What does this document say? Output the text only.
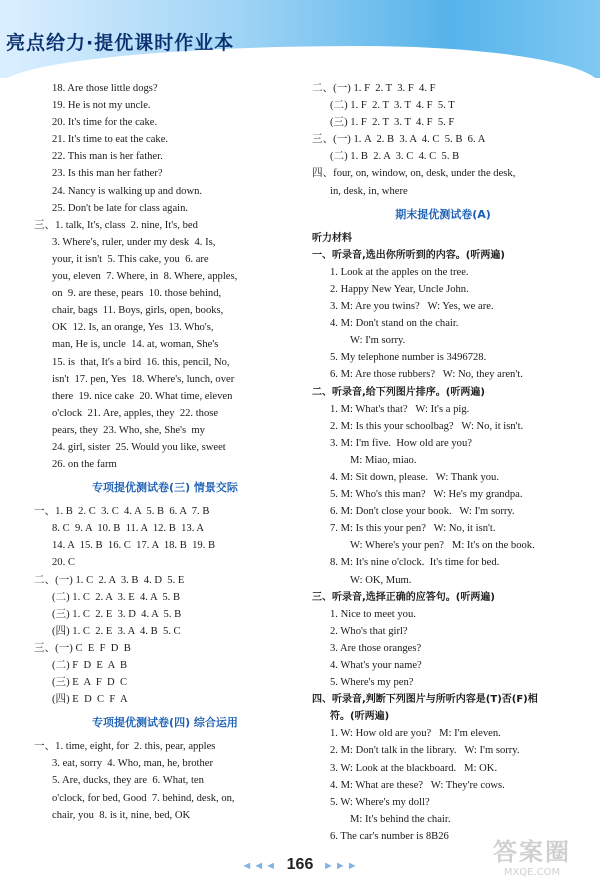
亮点给力·提优课时作业本
18. Are those little dogs?
19. He is not my uncle.
20. It's time for the cake.
21. It's time to eat the cake.
22. This man is her father.
23. Is this man her father?
24. Nancy is walking up and down.
25. Don't be late for class again.
三、1. talk, It's, class  2. nine, It's, bed
3. Where's, ruler, under my desk  4. Is,
your, it isn't  5. This cake, you  6. are
you, eleven  7. Where, in  8. Where, apples,
on  9. are these, pears  10. those behind,
chair, bags  11. Boys, girls, open, books,
OK  12. Is, an orange, Yes  13. Who's,
man, He is, uncle  14. at, woman, She's
15. is  that, It's a bird  16. this, pencil, No,
isn't  17. pen, Yes  18. Where's, lunch, over
there  19. nice cake  20. What time, eleven
o'clock  21. Are, apples, they  22. those
pears, they  23. Who, she, She's  my
24. girl, sister  25. Would you like, sweet
26. on the farm
专项提优测试卷(三) 情景交际
一、1. B  2. C  3. C  4. A  5. B  6. A  7. B
8. C  9. A  10. B  11. A  12. B  13. A
14. A  15. B  16. C  17. A  18. B  19. B
20. C
二、(一) 1. C  2. A  3. B  4. D  5. E
(二) 1. C  2. A  3. E  4. A  5. B
(三) 1. C  2. E  3. D  4. A  5. B
(四) 1. C  2. E  3. A  4. B  5. C
三、(一) C  E  F  D  B
(二) F  D  E  A  B
(三) E  A  F  D  C
(四) E  D  C  F  A
专项提优测试卷(四) 综合运用
一、1. time, eight, for  2. this, pear, apples
3. eat, sorry  4. Who, man, he, brother
5. Are, ducks, they are  6. What, ten
o'clock, for bed, Good  7. behind, desk, on,
chair, you  8. is it, nine, bed, OK
二、(一) 1. F  2. T  3. F  4. F
(二) 1. F  2. T  3. T  4. F  5. T
(三) 1. F  2. T  3. T  4. F  5. F
三、(一) 1. A  2. B  3. A  4. C  5. B  6. A
(二) 1. B  2. A  3. C  4. C  5. B
四、four, on, window, on, desk, under the desk,
in, desk, in, where
期末提优测试卷(A)
听力材料
一、听录音,选出你所听到的内容。(听两遍)
1. Look at the apples on the tree.
2. Happy New Year, Uncle John.
3. M: Are you twins?   W: Yes, we are.
4. M: Don't stand on the chair.
W: I'm sorry.
5. My telephone number is 3496728.
6. M: Are those rubbers?   W: No, they aren't.
二、听录音,给下列图片排序。(听两遍)
1. M: What's that?   W: It's a pig.
2. M: Is this your schoolbag?   W: No, it isn't.
3. M: I'm five.  How old are you?
M: Miao, miao.
4. M: Sit down, please.   W: Thank you.
5. M: Who's this man?   W: He's my grandpa.
6. M: Don't close your book.   W: I'm sorry.
7. M: Is this your pen?   W: No, it isn't.
W: Where's your pen?   M: It's on the book.
8. M: It's nine o'clock.  It's time for bed.
W: OK, Mum.
三、听录音,选择正确的应答句。(听两遍)
1. Nice to meet you.
2. Who's that girl?
3. Are those oranges?
4. What's your name?
5. Where's my pen?
四、听录音,判断下列图片与所听内容是(T)否(F)相
符。(听两遍)
1. W: How old are you?   M: I'm eleven.
2. M: Don't talk in the library.   W: I'm sorry.
3. W: Look at the blackboard.   M: OK.
4. M: What are these?   W: They're cows.
5. W: Where's my doll?
M: It's behind the chair.
6. The car's number is 8B26
◄◄◄ 166 ►►►	答案圈
MXQE.COM
